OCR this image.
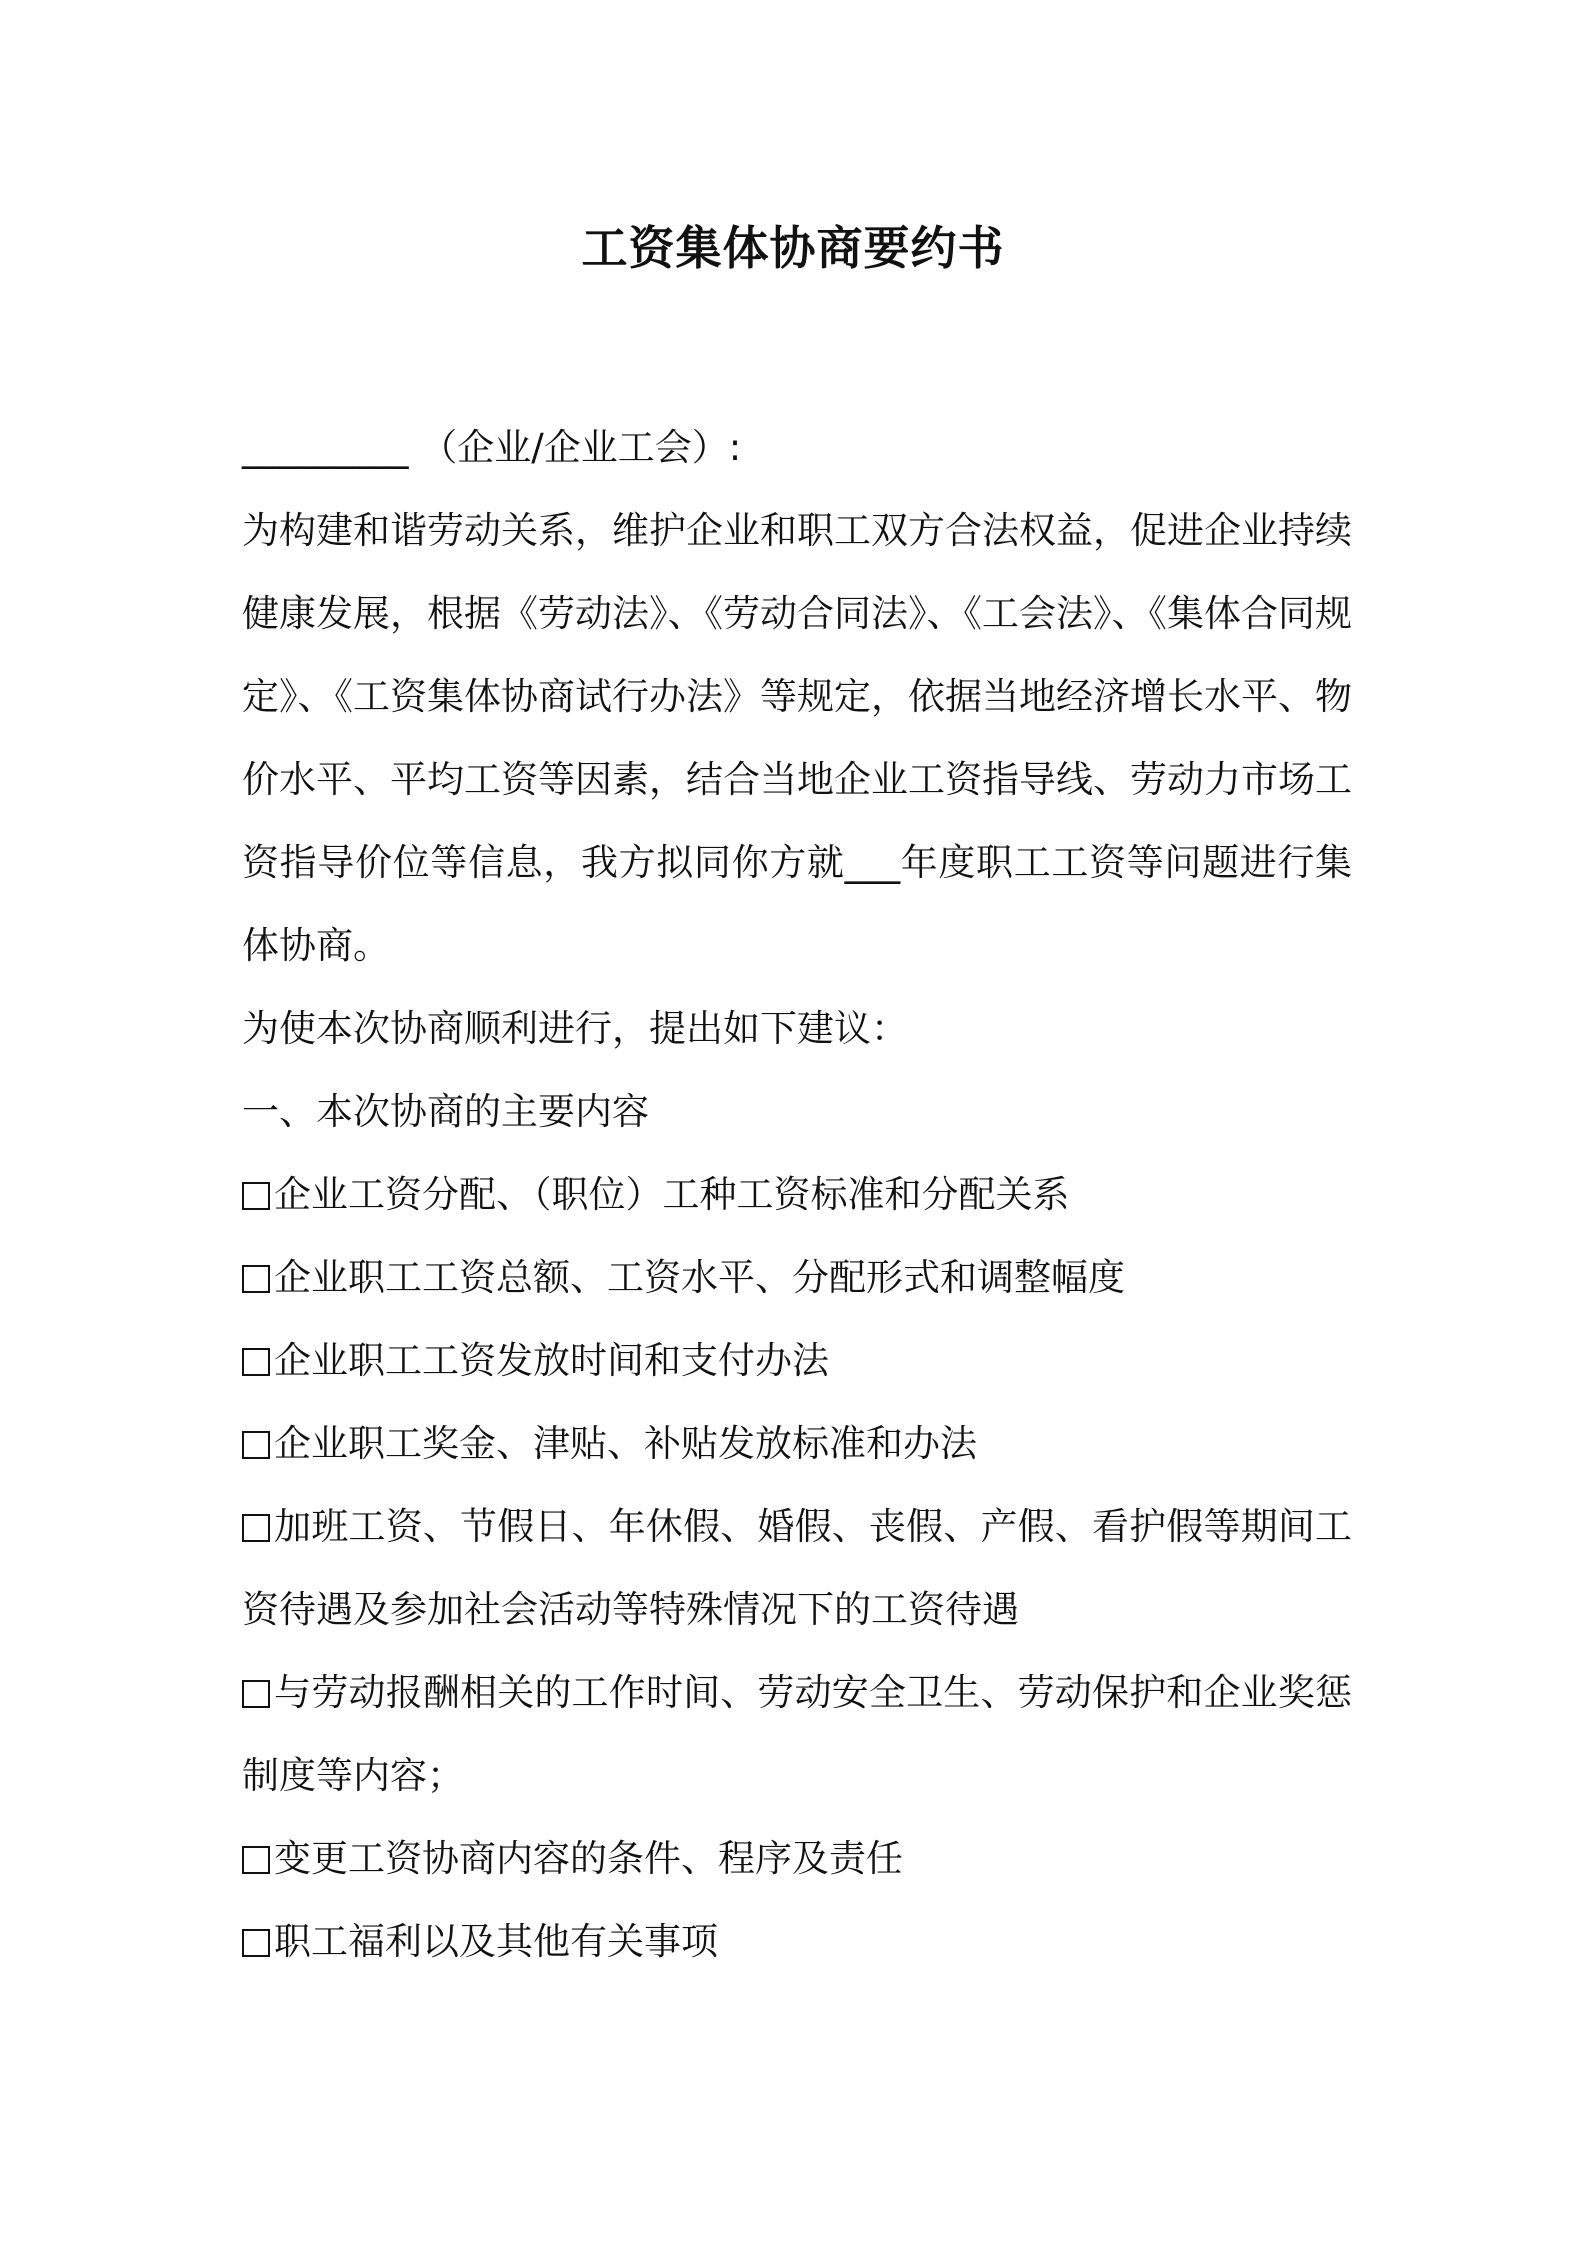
工资集体协商要约书

_________ （企业/企业工会）:

为构建和谐劳动关系，维护企业和职工双方合法权益，促进企业持续健康发展，根据《劳动法》、《劳动合同法》、《工会法》、《集体合同规定》、《工资集体协商试行办法》等规定，依据当地经济增长水平、物价水平、平均工资等因素，结合当地企业工资指导线、劳动力市场工资指导价位等信息，我方拟同你方就___年度职工工资等问题进行集体协商。

为使本次协商顺利进行，提出如下建议：

一、本次协商的主要内容

企业工资分配、（职位）工种工资标准和分配关系

企业职工工资总额、工资水平、分配形式和调整幅度

企业职工工资发放时间和支付办法

企业职工奖金、津贴、补贴发放标准和办法

加班工资、节假日、年休假、婚假、丧假、产假、看护假等期间工资待遇及参加社会活动等特殊情况下的工资待遇

与劳动报酬相关的工作时间、劳动安全卫生、劳动保护和企业奖惩制度等内容；

变更工资协商内容的条件、程序及责任

职工福利以及其他有关事项
